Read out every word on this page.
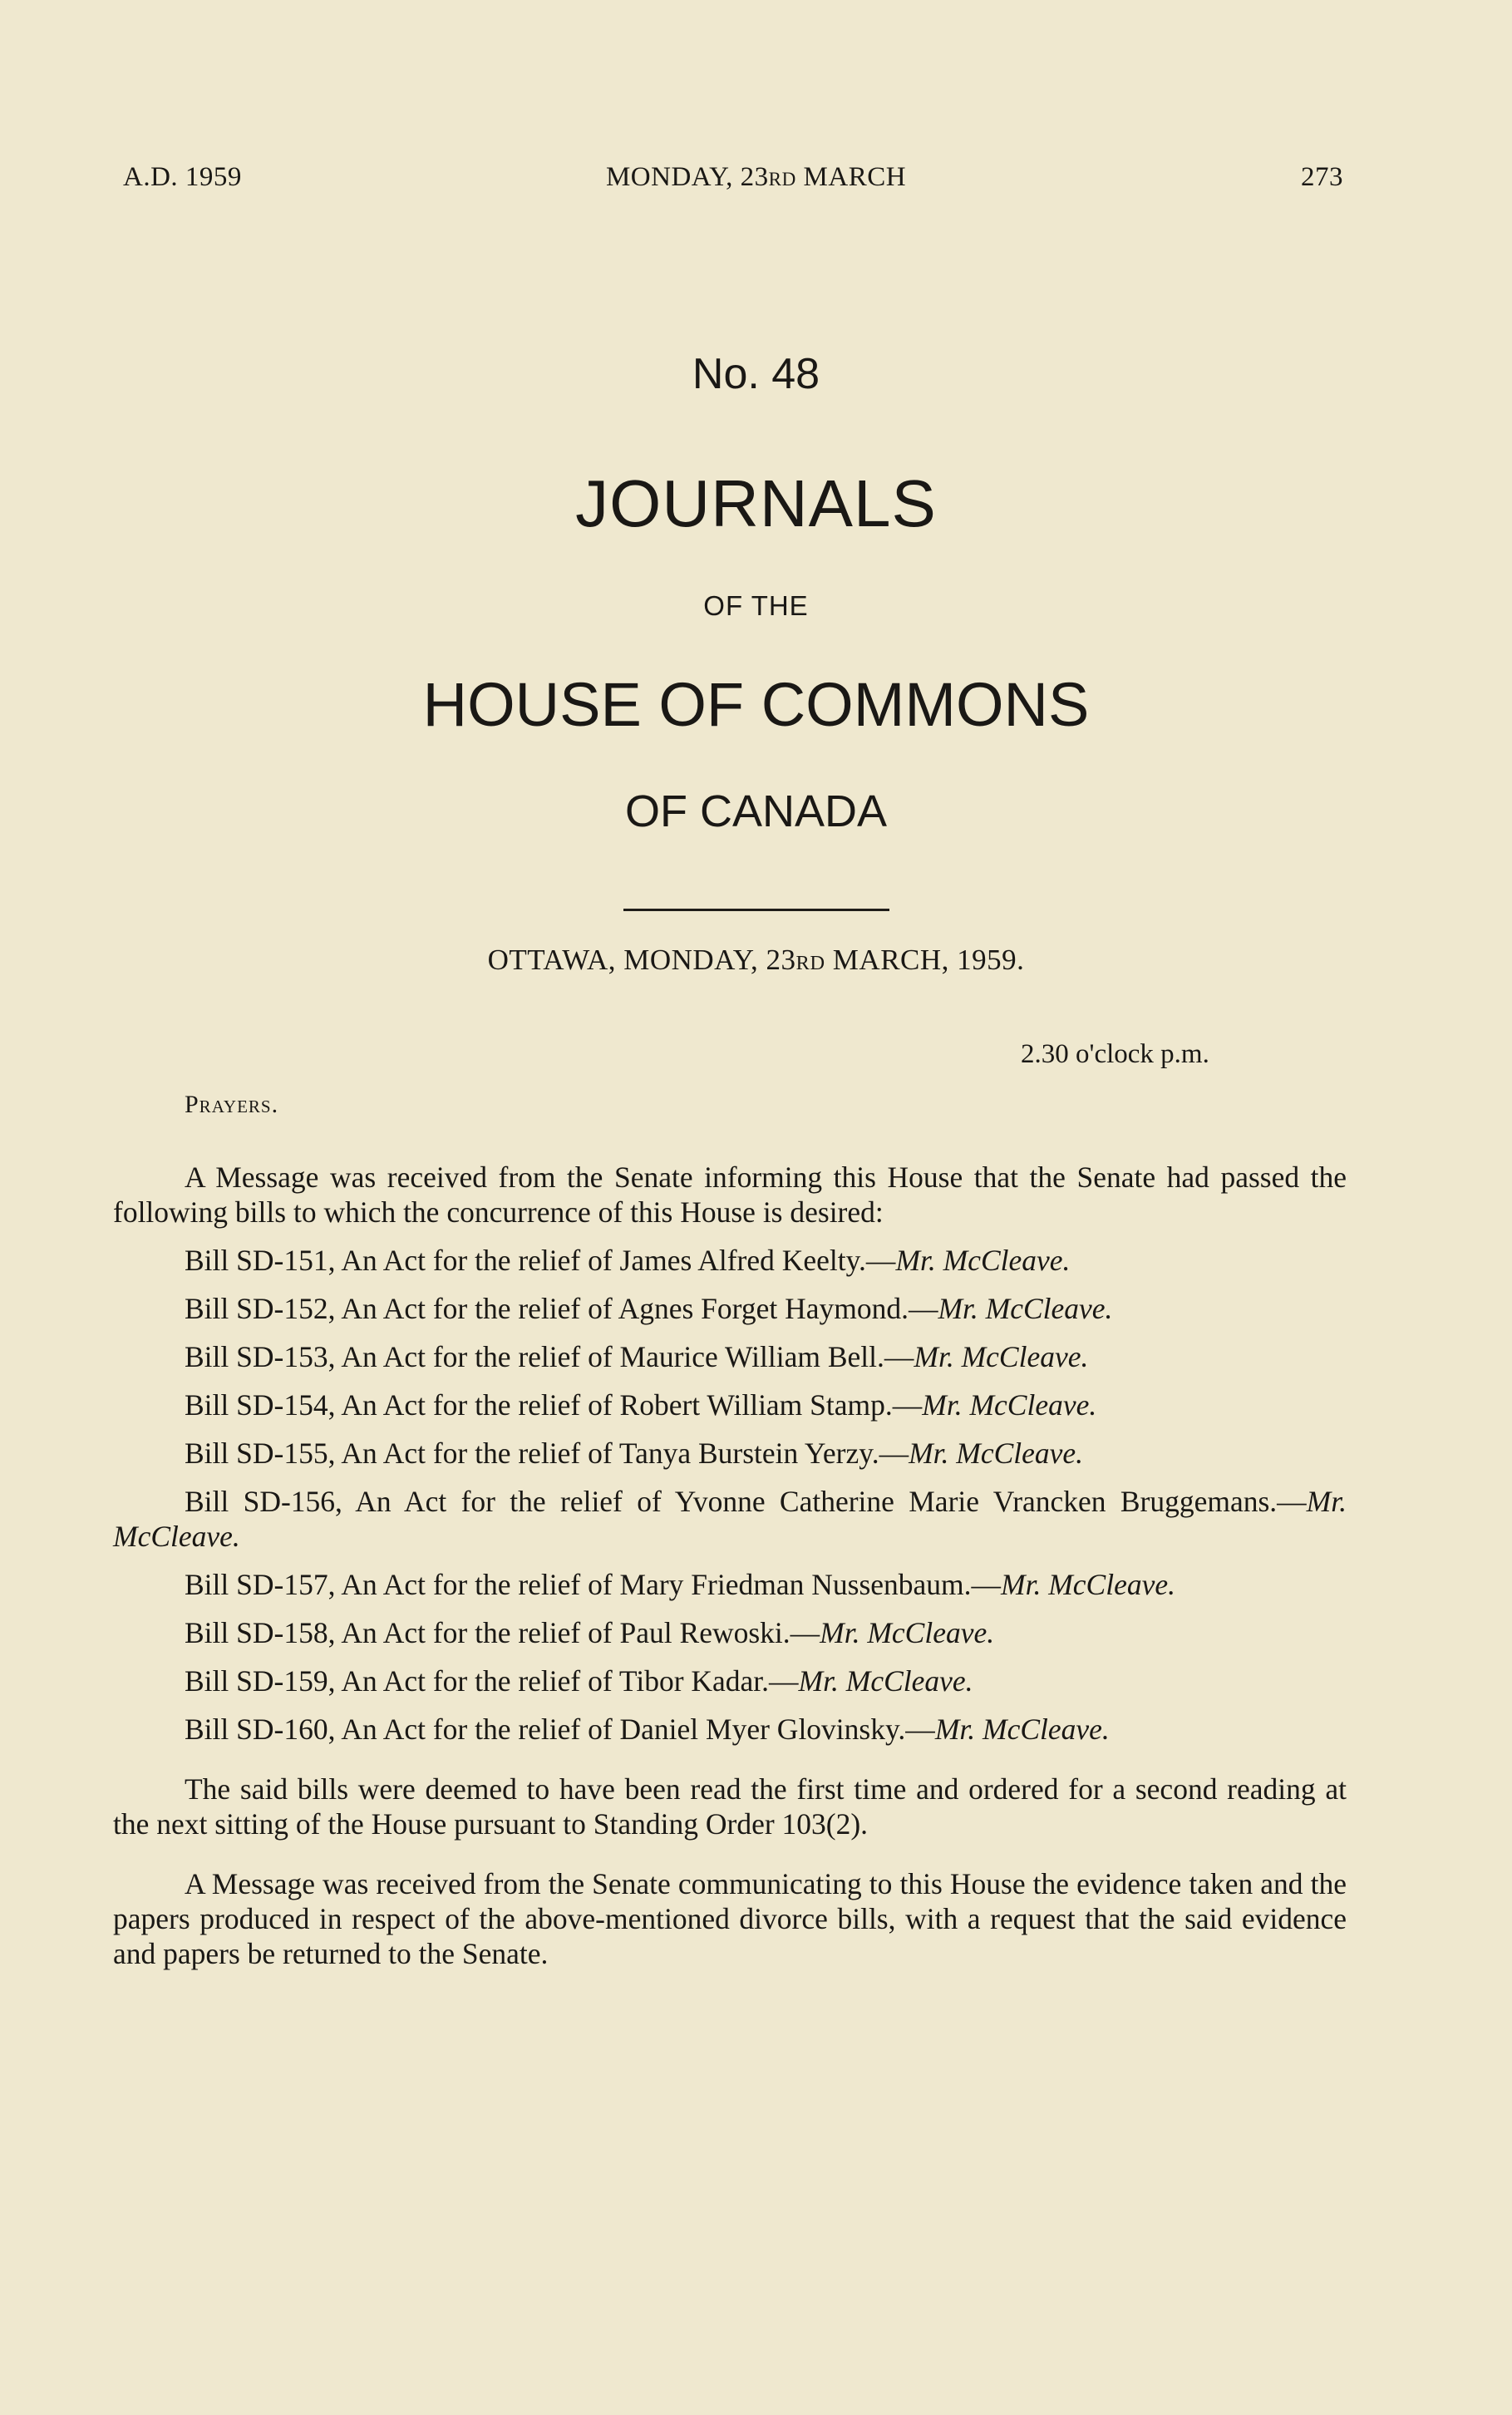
A.D. 1959	MONDAY, 23RD MARCH	273
No. 48
JOURNALS
OF THE
HOUSE OF COMMONS
OF CANADA
OTTAWA, MONDAY, 23RD MARCH, 1959.
2.30 o'clock p.m.
Prayers.

A Message was received from the Senate informing this House that the Senate had passed the following bills to which the concurrence of this House is desired:

Bill SD-151, An Act for the relief of James Alfred Keelty.—Mr. McCleave.

Bill SD-152, An Act for the relief of Agnes Forget Haymond.—Mr. McCleave.

Bill SD-153, An Act for the relief of Maurice William Bell.—Mr. McCleave.

Bill SD-154, An Act for the relief of Robert William Stamp.—Mr. McCleave.

Bill SD-155, An Act for the relief of Tanya Burstein Yerzy.—Mr. McCleave.

Bill SD-156, An Act for the relief of Yvonne Catherine Marie Vrancken Bruggemans.—Mr. McCleave.

Bill SD-157, An Act for the relief of Mary Friedman Nussenbaum.—Mr. McCleave.

Bill SD-158, An Act for the relief of Paul Rewoski.—Mr. McCleave.

Bill SD-159, An Act for the relief of Tibor Kadar.—Mr. McCleave.

Bill SD-160, An Act for the relief of Daniel Myer Glovinsky.—Mr. McCleave.

The said bills were deemed to have been read the first time and ordered for a second reading at the next sitting of the House pursuant to Standing Order 103(2).

A Message was received from the Senate communicating to this House the evidence taken and the papers produced in respect of the above-mentioned divorce bills, with a request that the said evidence and papers be returned to the Senate.
